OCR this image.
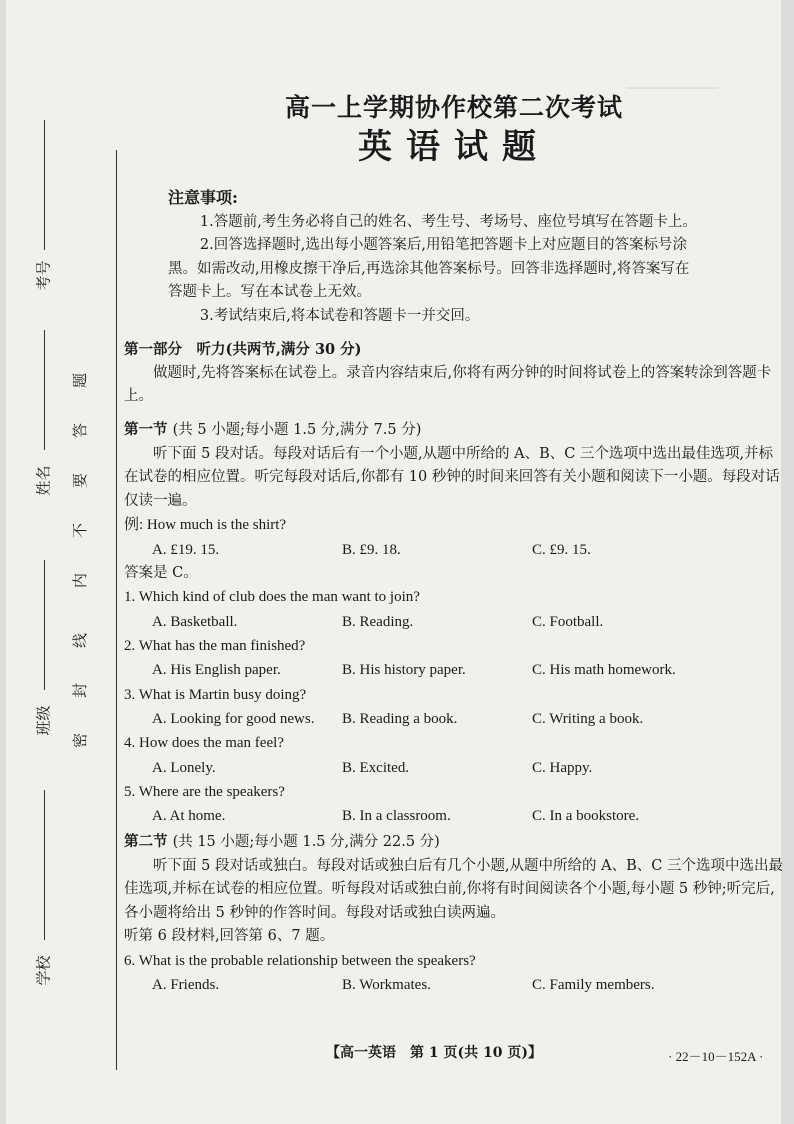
──────────
考号
姓名
班级
学校
题
答
要
不
内
线
封
密
高一上学期协作校第二次考试
英语试题
注意事项:
1.答题前,考生务必将自己的姓名、考生号、考场号、座位号填写在答题卡上。
2.回答选择题时,选出每小题答案后,用铅笔把答题卡上对应题目的答案标号涂
黑。如需改动,用橡皮擦干净后,再选涂其他答案标号。回答非选择题时,将答案写在
答题卡上。写在本试卷上无效。
3.考试结束后,将本试卷和答题卡一并交回。
第一部分　听力(共两节,满分 30 分)
做题时,先将答案标在试卷上。录音内容结束后,你将有两分钟的时间将试卷上的答案转涂到答题卡上。
第一节 (共 5 小题;每小题 1.5 分,满分 7.5 分)
听下面 5 段对话。每段对话后有一个小题,从题中所给的 A、B、C 三个选项中选出最佳选项,并标在试卷的相应位置。听完每段对话后,你都有 10 秒钟的时间来回答有关小题和阅读下一小题。每段对话仅读一遍。
例: How much is the shirt?
A. £19. 15.	B. £9. 18.	C. £9. 15.
答案是 C。
1. Which kind of club does the man want to join?
A. Basketball.	B. Reading.	C. Football.
2. What has the man finished?
A. His English paper.	B. His history paper.	C. His math homework.
3. What is Martin busy doing?
A. Looking for good news.	B. Reading a book.	C. Writing a book.
4. How does the man feel?
A. Lonely.	B. Excited.	C. Happy.
5. Where are the speakers?
A. At home.	B. In a classroom.	C. In a bookstore.
第二节 (共 15 小题;每小题 1.5 分,满分 22.5 分)
听下面 5 段对话或独白。每段对话或独白后有几个小题,从题中所给的 A、B、C 三个选项中选出最佳选项,并标在试卷的相应位置。听每段对话或独白前,你将有时间阅读各个小题,每小题 5 秒钟;听完后,各小题将给出 5 秒钟的作答时间。每段对话或独白读两遍。
听第 6 段材料,回答第 6、7 题。
6. What is the probable relationship between the speakers?
A. Friends.	B. Workmates.	C. Family members.
【高一英语　第 1 页(共 10 页)】	· 22－10－152A ·
